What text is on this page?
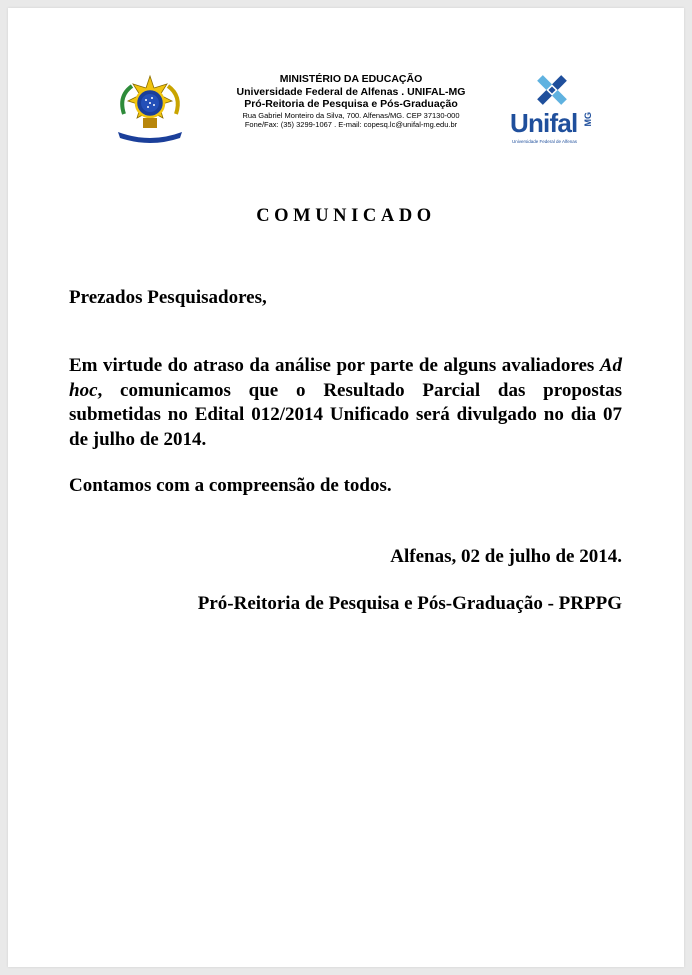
MINISTÉRIO DA EDUCAÇÃO
Universidade Federal de Alfenas . UNIFAL-MG
Pró-Reitoria de Pesquisa e Pós-Graduação
Rua Gabriel Monteiro da Silva, 700. Alfenas/MG. CEP 37130-000
Fone/Fax: (35) 3299-1067 . E-mail: copesq.lc@unifal-mg.edu.br	Unifal MG
Universidade Federal de Alfenas
COMUNICADO
Prezados Pesquisadores,
Em virtude do atraso da análise por parte de alguns avaliadores Ad hoc, comunicamos que o Resultado Parcial das propostas submetidas no Edital 012/2014 Unificado será divulgado no dia 07 de julho de 2014.
Contamos com a compreensão de todos.
Alfenas, 02 de julho de 2014.
Pró-Reitoria de Pesquisa e Pós-Graduação - PRPPG
